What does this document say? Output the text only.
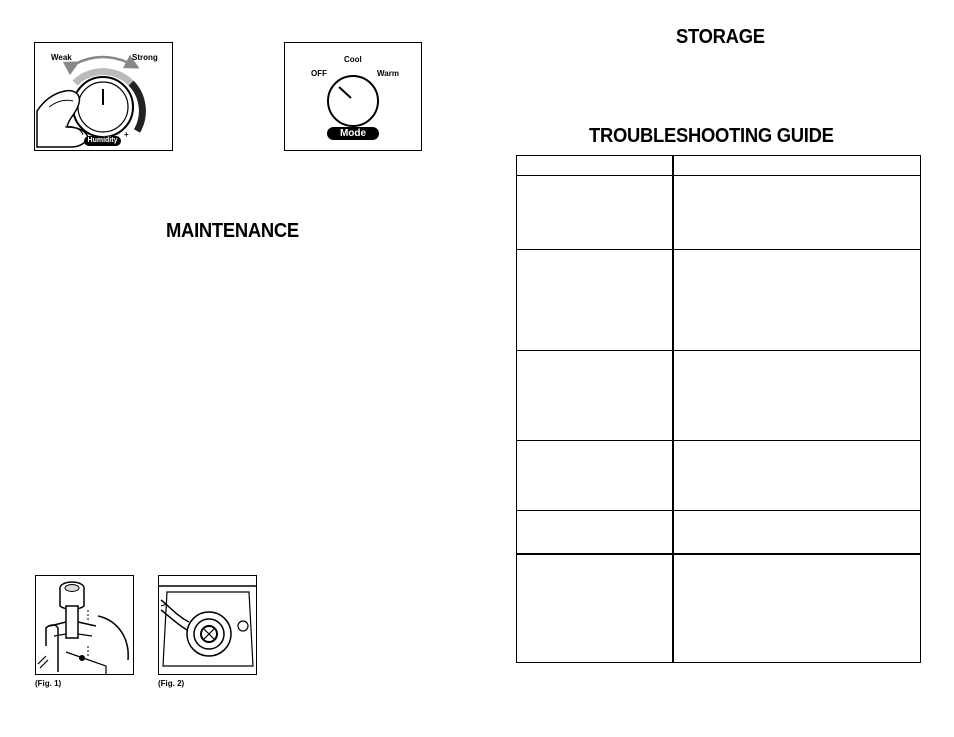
Weak	Strong
+
Humidity
Cool
OFF	Warm
Mode
MAINTENANCE
STORAGE
TROUBLESHOOTING GUIDE
(Fig. 1)	(Fig. 2)
